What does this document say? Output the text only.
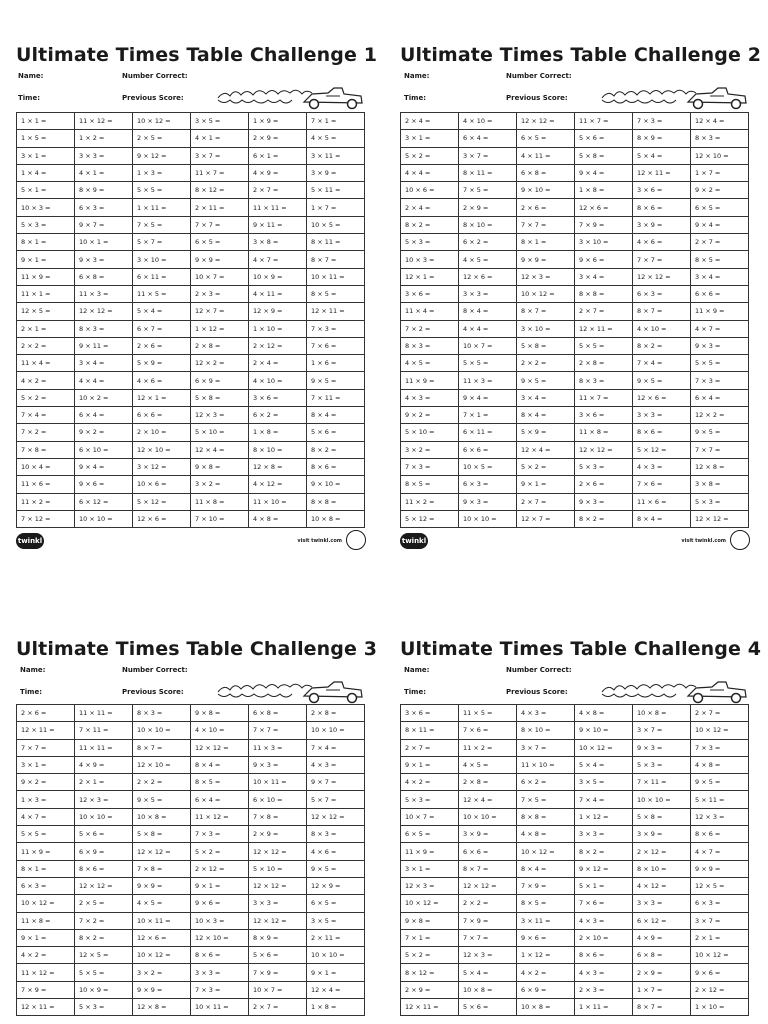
Ultimate Times Table Challenge 1
Name:	Number Correct:
Time:	Previous Score:
1 × 1 =	11 × 12 =	10 × 12 =	3 × 5 =	1 × 9 =	7 × 1 =
1 × 5 =	1 × 2 =	2 × 5 =	4 × 1 =	2 × 9 =	4 × 5 =
3 × 1 =	3 × 3 =	9 × 12 =	3 × 7 =	6 × 1 =	3 × 11 =
1 × 4 =	4 × 1 =	1 × 3 =	11 × 7 =	4 × 9 =	3 × 9 =
5 × 1 =	8 × 9 =	5 × 5 =	8 × 12 =	2 × 7 =	5 × 11 =
10 × 3 =	6 × 3 =	1 × 11 =	2 × 11 =	11 × 11 =	1 × 7 =
5 × 3 =	9 × 7 =	7 × 5 =	7 × 7 =	9 × 11 =	10 × 5 =
8 × 1 =	10 × 1 =	5 × 7 =	6 × 5 =	3 × 8 =	8 × 11 =
9 × 1 =	9 × 3 =	3 × 10 =	9 × 9 =	4 × 7 =	8 × 7 =
11 × 9 =	6 × 8 =	6 × 11 =	10 × 7 =	10 × 9 =	10 × 11 =
11 × 1 =	11 × 3 =	11 × 5 =	2 × 3 =	4 × 11 =	8 × 5 =
12 × 5 =	12 × 12 =	5 × 4 =	12 × 7 =	12 × 9 =	12 × 11 =
2 × 1 =	8 × 3 =	6 × 7 =	1 × 12 =	1 × 10 =	7 × 3 =
2 × 2 =	9 × 11 =	2 × 6 =	2 × 8 =	2 × 12 =	7 × 6 =
11 × 4 =	3 × 4 =	5 × 9 =	12 × 2 =	2 × 4 =	1 × 6 =
4 × 2 =	4 × 4 =	4 × 6 =	6 × 9 =	4 × 10 =	9 × 5 =
5 × 2 =	10 × 2 =	12 × 1 =	5 × 8 =	3 × 6 =	7 × 11 =
7 × 4 =	6 × 4 =	6 × 6 =	12 × 3 =	6 × 2 =	8 × 4 =
7 × 2 =	9 × 2 =	2 × 10 =	5 × 10 =	1 × 8 =	5 × 6 =
7 × 8 =	6 × 10 =	12 × 10 =	12 × 4 =	8 × 10 =	8 × 2 =
10 × 4 =	9 × 4 =	3 × 12 =	9 × 8 =	12 × 8 =	8 × 6 =
11 × 6 =	9 × 6 =	10 × 6 =	3 × 2 =	4 × 12 =	9 × 10 =
11 × 2 =	6 × 12 =	5 × 12 =	11 × 8 =	11 × 10 =	8 × 8 =
7 × 12 =	10 × 10 =	12 × 6 =	7 × 10 =	4 × 8 =	10 × 8 =
twinkl	visit twinkl.com
Ultimate Times Table Challenge 2
Name:	Number Correct:
Time:	Previous Score:
2 × 4 =	4 × 10 =	12 × 12 =	11 × 7 =	7 × 3 =	12 × 4 =
3 × 1 =	6 × 4 =	6 × 5 =	5 × 6 =	8 × 9 =	8 × 3 =
5 × 2 =	3 × 7 =	4 × 11 =	5 × 8 =	5 × 4 =	12 × 10 =
4 × 4 =	8 × 11 =	6 × 8 =	9 × 4 =	12 × 11 =	1 × 7 =
10 × 6 =	7 × 5 =	9 × 10 =	1 × 8 =	3 × 6 =	9 × 2 =
2 × 4 =	2 × 9 =	2 × 6 =	12 × 6 =	8 × 6 =	6 × 5 =
8 × 2 =	8 × 10 =	7 × 7 =	7 × 9 =	3 × 9 =	9 × 4 =
5 × 3 =	6 × 2 =	8 × 1 =	3 × 10 =	4 × 6 =	2 × 7 =
10 × 3 =	4 × 5 =	9 × 9 =	9 × 6 =	7 × 7 =	8 × 5 =
12 × 1 =	12 × 6 =	12 × 3 =	3 × 4 =	12 × 12 =	3 × 4 =
3 × 6 =	3 × 3 =	10 × 12 =	8 × 8 =	6 × 3 =	6 × 6 =
11 × 4 =	8 × 4 =	8 × 7 =	2 × 7 =	8 × 7 =	11 × 9 =
7 × 2 =	4 × 4 =	3 × 10 =	12 × 11 =	4 × 10 =	4 × 7 =
8 × 3 =	10 × 7 =	5 × 8 =	5 × 5 =	8 × 2 =	9 × 3 =
4 × 5 =	5 × 5 =	2 × 2 =	2 × 8 =	7 × 4 =	5 × 5 =
11 × 9 =	11 × 3 =	9 × 5 =	8 × 3 =	9 × 5 =	7 × 3 =
4 × 3 =	9 × 4 =	3 × 4 =	11 × 7 =	12 × 6 =	6 × 4 =
9 × 2 =	7 × 1 =	8 × 4 =	3 × 6 =	3 × 3 =	12 × 2 =
5 × 10 =	6 × 11 =	5 × 9 =	11 × 8 =	8 × 6 =	9 × 5 =
3 × 2 =	6 × 6 =	12 × 4 =	12 × 12 =	5 × 12 =	7 × 7 =
7 × 3 =	10 × 5 =	5 × 2 =	5 × 3 =	4 × 3 =	12 × 8 =
8 × 5 =	6 × 3 =	9 × 1 =	2 × 6 =	7 × 6 =	3 × 8 =
11 × 2 =	9 × 3 =	2 × 7 =	9 × 3 =	11 × 6 =	5 × 3 =
5 × 12 =	10 × 10 =	12 × 7 =	8 × 2 =	8 × 4 =	12 × 12 =
twinkl	visit twinkl.com
Ultimate Times Table Challenge 3
Name:	Number Correct:
Time:	Previous Score:
2 × 6 =	11 × 11 =	8 × 3 =	9 × 8 =	6 × 8 =	2 × 8 =
12 × 11 =	7 × 11 =	10 × 10 =	4 × 10 =	7 × 7 =	10 × 10 =
7 × 7 =	11 × 11 =	8 × 7 =	12 × 12 =	11 × 3 =	7 × 4 =
3 × 1 =	4 × 9 =	12 × 10 =	8 × 4 =	9 × 3 =	4 × 3 =
9 × 2 =	2 × 1 =	2 × 2 =	8 × 5 =	10 × 11 =	9 × 7 =
1 × 3 =	12 × 3 =	9 × 5 =	6 × 4 =	6 × 10 =	5 × 7 =
4 × 7 =	10 × 10 =	10 × 8 =	11 × 12 =	7 × 8 =	12 × 12 =
5 × 5 =	5 × 6 =	5 × 8 =	7 × 3 =	2 × 9 =	8 × 3 =
11 × 9 =	6 × 9 =	12 × 12 =	5 × 2 =	12 × 12 =	4 × 6 =
8 × 1 =	8 × 6 =	7 × 8 =	2 × 12 =	5 × 10 =	9 × 5 =
6 × 3 =	12 × 12 =	9 × 9 =	9 × 1 =	12 × 12 =	12 × 9 =
10 × 12 =	2 × 5 =	4 × 5 =	9 × 6 =	3 × 3 =	6 × 5 =
11 × 8 =	7 × 2 =	10 × 11 =	10 × 3 =	12 × 12 =	3 × 5 =
9 × 1 =	8 × 2 =	12 × 6 =	12 × 10 =	8 × 9 =	2 × 11 =
4 × 2 =	12 × 5 =	10 × 12 =	8 × 6 =	5 × 6 =	10 × 10 =
11 × 12 =	5 × 5 =	3 × 2 =	3 × 3 =	7 × 9 =	9 × 1 =
7 × 9 =	10 × 9 =	9 × 9 =	7 × 3 =	10 × 7 =	12 × 4 =
12 × 11 =	5 × 3 =	12 × 8 =	10 × 11 =	2 × 7 =	1 × 8 =
Ultimate Times Table Challenge 4
Name:	Number Correct:
Time:	Previous Score:
3 × 6 =	11 × 5 =	4 × 3 =	4 × 8 =	10 × 8 =	2 × 7 =
8 × 11 =	7 × 6 =	8 × 10 =	9 × 10 =	3 × 7 =	10 × 12 =
2 × 7 =	11 × 2 =	3 × 7 =	10 × 12 =	9 × 3 =	7 × 3 =
9 × 1 =	4 × 5 =	11 × 10 =	5 × 4 =	5 × 3 =	4 × 8 =
4 × 2 =	2 × 8 =	6 × 2 =	3 × 5 =	7 × 11 =	9 × 5 =
5 × 3 =	12 × 4 =	7 × 5 =	7 × 4 =	10 × 10 =	5 × 11 =
10 × 7 =	10 × 10 =	8 × 8 =	1 × 12 =	5 × 8 =	12 × 3 =
6 × 5 =	3 × 9 =	4 × 8 =	3 × 3 =	3 × 9 =	8 × 6 =
11 × 9 =	6 × 6 =	10 × 12 =	8 × 2 =	2 × 12 =	4 × 7 =
3 × 1 =	8 × 7 =	8 × 4 =	9 × 12 =	8 × 10 =	9 × 9 =
12 × 3 =	12 × 12 =	7 × 9 =	5 × 1 =	4 × 12 =	12 × 5 =
10 × 12 =	2 × 2 =	8 × 5 =	7 × 6 =	3 × 3 =	6 × 3 =
9 × 8 =	7 × 9 =	3 × 11 =	4 × 3 =	6 × 12 =	3 × 7 =
7 × 1 =	7 × 7 =	9 × 6 =	2 × 10 =	4 × 9 =	2 × 1 =
5 × 2 =	12 × 3 =	1 × 12 =	8 × 6 =	6 × 8 =	10 × 12 =
8 × 12 =	5 × 4 =	4 × 2 =	4 × 3 =	2 × 9 =	9 × 6 =
2 × 9 =	10 × 8 =	6 × 9 =	2 × 3 =	1 × 7 =	2 × 12 =
12 × 11 =	5 × 6 =	10 × 8 =	1 × 11 =	8 × 7 =	1 × 10 =
